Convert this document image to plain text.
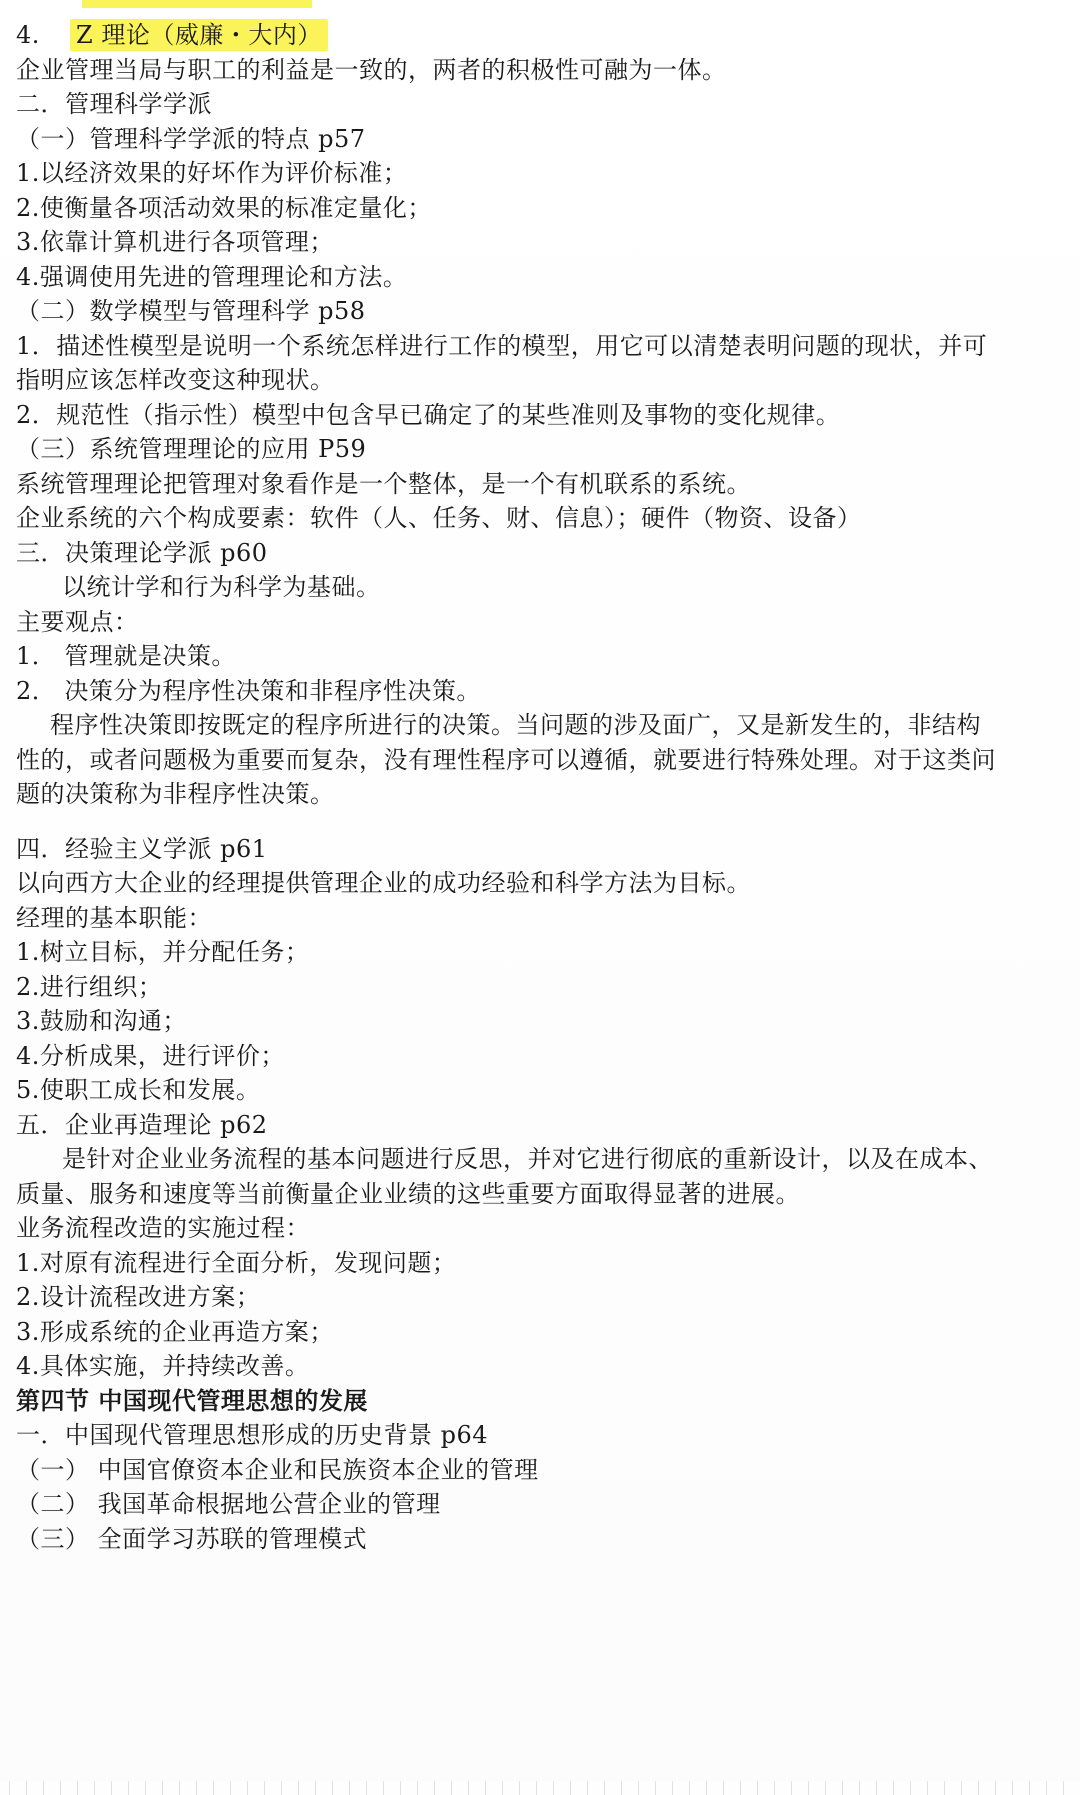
4. Z 理论（威廉・大内）
企业管理当局与职工的利益是一致的，两者的积极性可融为一体。
二．管理科学学派
（一）管理科学学派的特点 p57
1.以经济效果的好坏作为评价标准；
2.使衡量各项活动效果的标准定量化；
3.依靠计算机进行各项管理；
4.强调使用先进的管理理论和方法。
（二）数学模型与管理科学 p58
1．描述性模型是说明一个系统怎样进行工作的模型，用它可以清楚表明问题的现状，并可
指明应该怎样改变这种现状。
2．规范性（指示性）模型中包含早已确定了的某些准则及事物的变化规律。
（三）系统管理理论的应用 P59
系统管理理论把管理对象看作是一个整体，是一个有机联系的系统。
企业系统的六个构成要素：软件（人、任务、财、信息）；硬件（物资、设备）
三．决策理论学派 p60
以统计学和行为科学为基础。
主要观点：
1． 管理就是决策。
2． 决策分为程序性决策和非程序性决策。
程序性决策即按既定的程序所进行的决策。当问题的涉及面广，又是新发生的，非结构
性的，或者问题极为重要而复杂，没有理性程序可以遵循，就要进行特殊处理。对于这类问
题的决策称为非程序性决策。
四．经验主义学派 p61
以向西方大企业的经理提供管理企业的成功经验和科学方法为目标。
经理的基本职能：
1.树立目标，并分配任务；
2.进行组织；
3.鼓励和沟通；
4.分析成果，进行评价；
5.使职工成长和发展。
五．企业再造理论 p62
是针对企业业务流程的基本问题进行反思，并对它进行彻底的重新设计，以及在成本、
质量、服务和速度等当前衡量企业业绩的这些重要方面取得显著的进展。
业务流程改造的实施过程：
1.对原有流程进行全面分析，发现问题；
2.设计流程改进方案；
3.形成系统的企业再造方案；
4.具体实施，并持续改善。
第四节 中国现代管理思想的发展
一．中国现代管理思想形成的历史背景 p64
（一） 中国官僚资本企业和民族资本企业的管理
（二） 我国革命根据地公营企业的管理
（三） 全面学习苏联的管理模式
